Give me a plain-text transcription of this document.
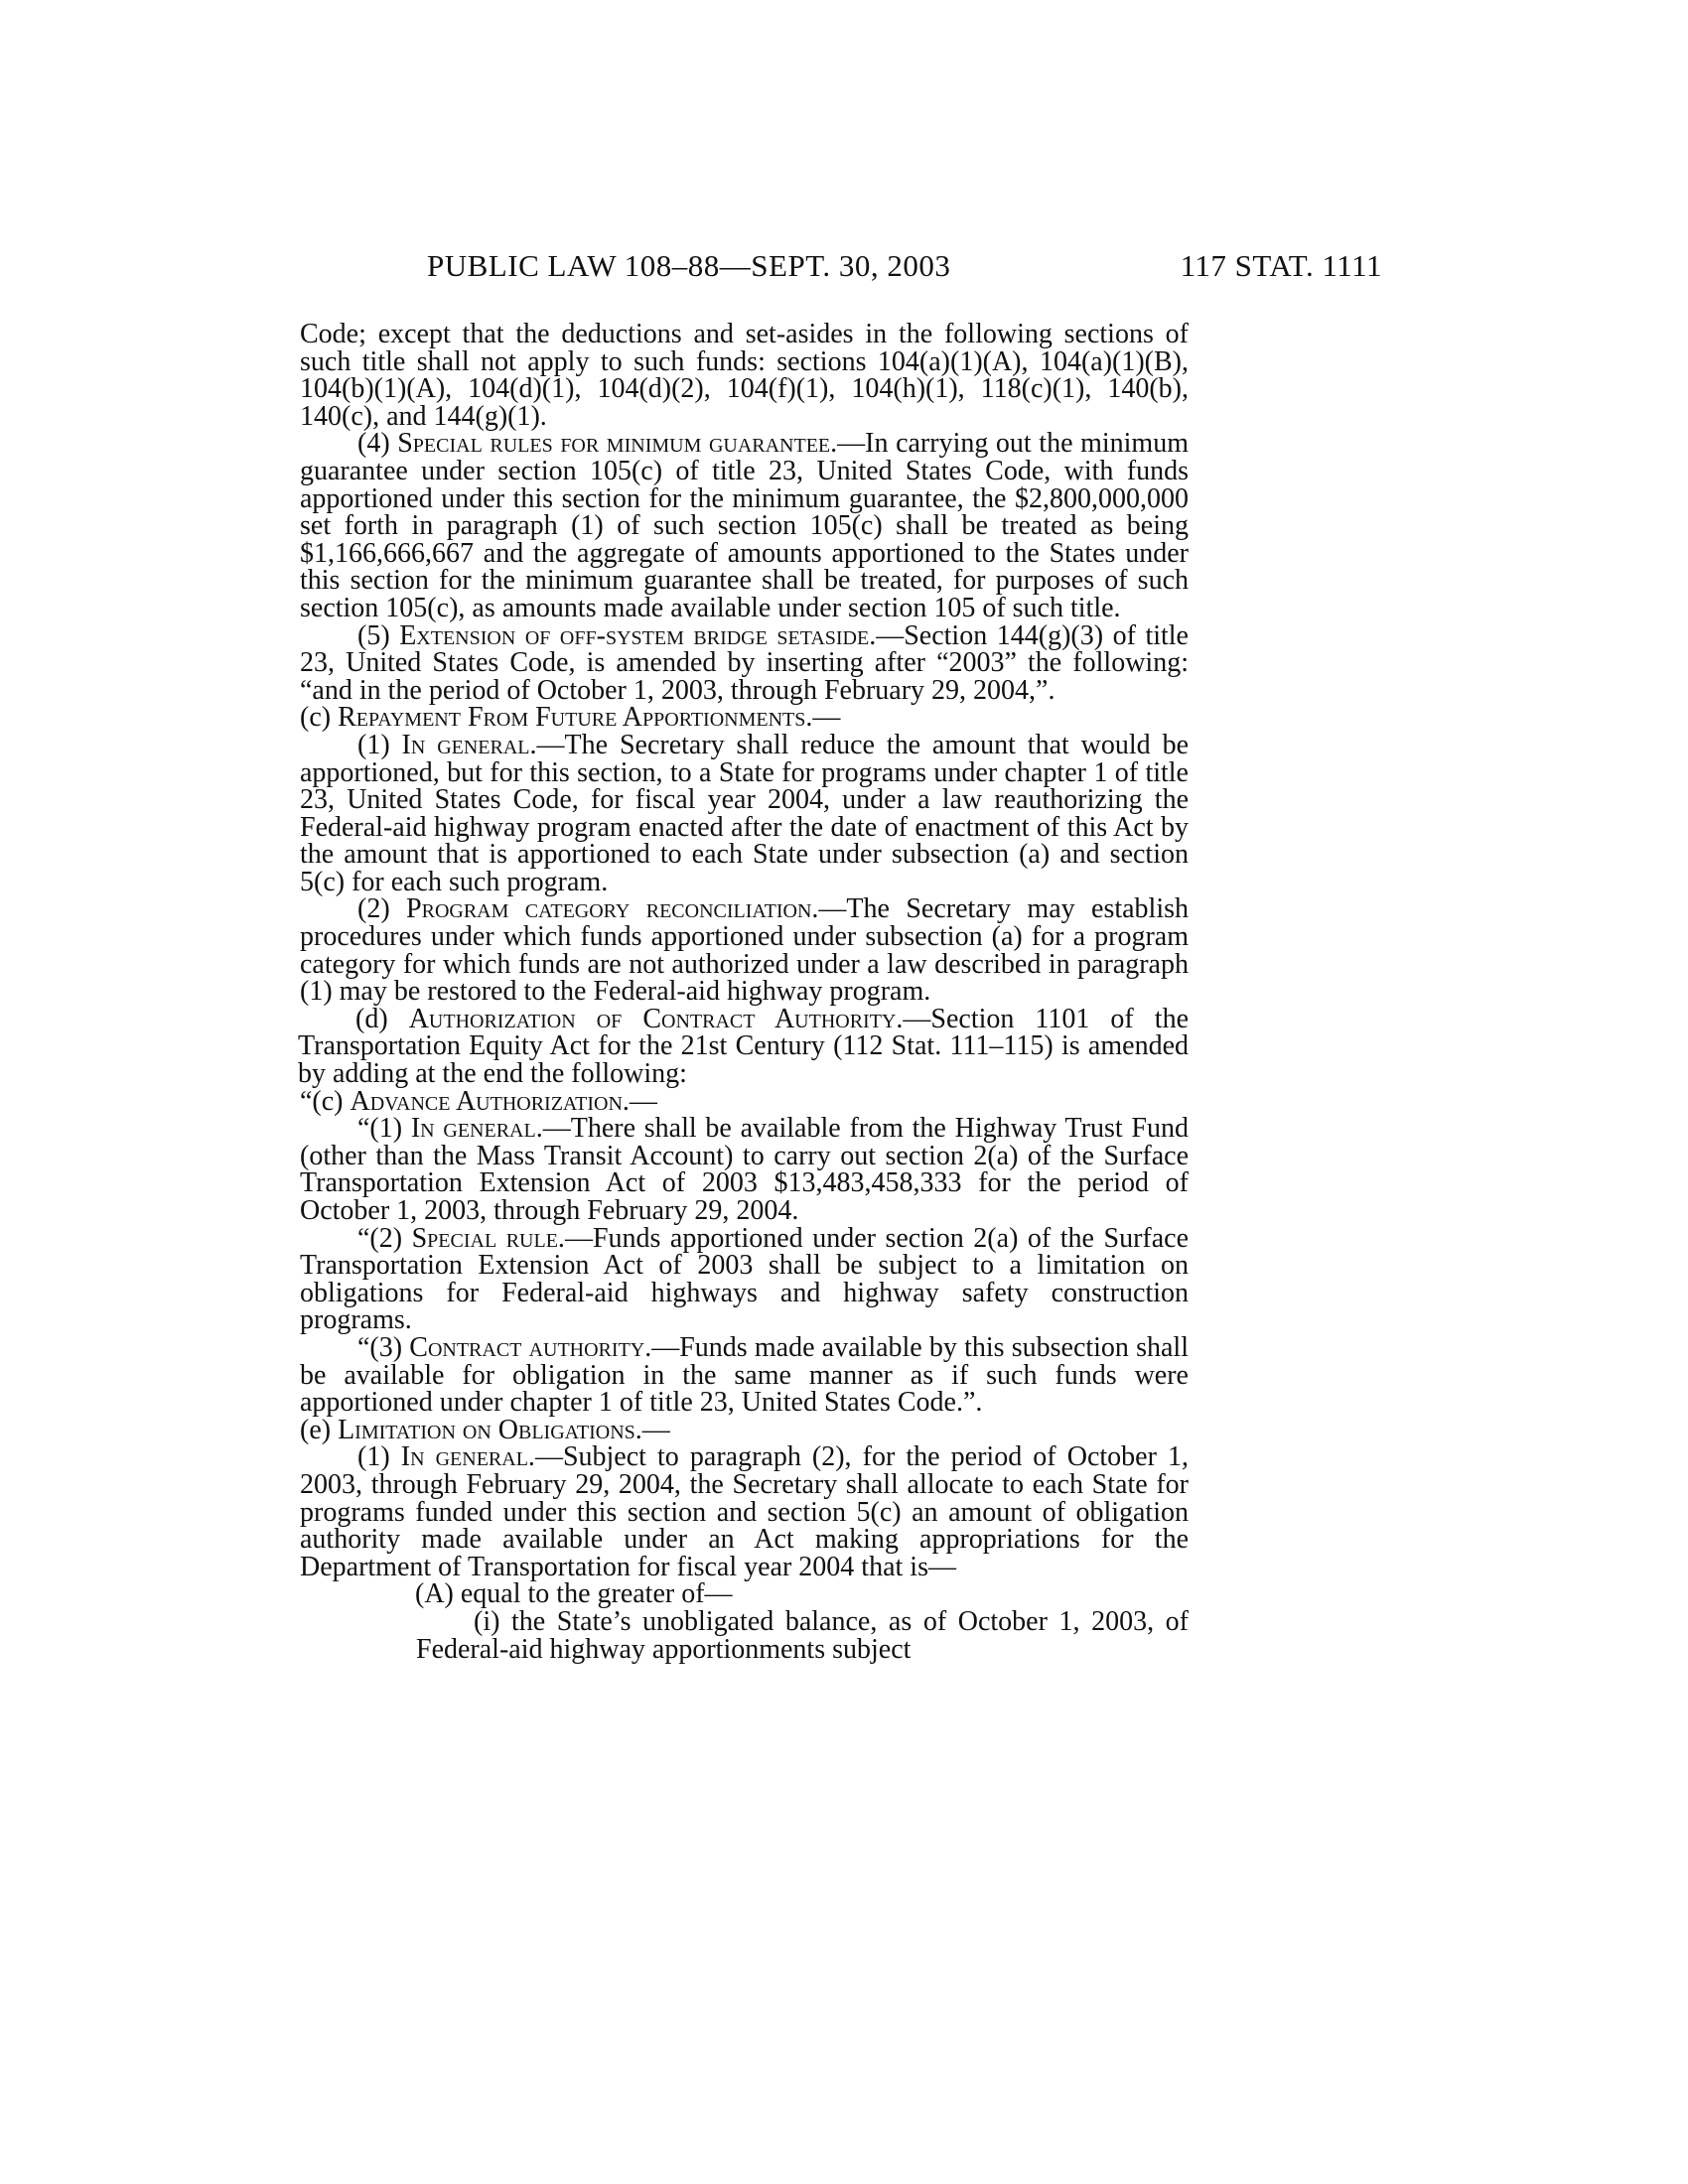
PUBLIC LAW 108–88—SEPT. 30, 2003	117 STAT. 1111

Code; except that the deductions and set-asides in the following sections of such title shall not apply to such funds: sections 104(a)(1)(A), 104(a)(1)(B), 104(b)(1)(A), 104(d)(1), 104(d)(2), 104(f)(1), 104(h)(1), 118(c)(1), 140(b), 140(c), and 144(g)(1).

(4) Special rules for minimum guarantee.—In carrying out the minimum guarantee under section 105(c) of title 23, United States Code, with funds apportioned under this section for the minimum guarantee, the $2,800,000,000 set forth in paragraph (1) of such section 105(c) shall be treated as being $1,166,666,667 and the aggregate of amounts apportioned to the States under this section for the minimum guarantee shall be treated, for purposes of such section 105(c), as amounts made available under section 105 of such title.

(5) Extension of off-system bridge setaside.—Section 144(g)(3) of title 23, United States Code, is amended by inserting after “2003” the following: “and in the period of October 1, 2003, through February 29, 2004,”.

(c) Repayment From Future Apportionments.—

(1) In general.—The Secretary shall reduce the amount that would be apportioned, but for this section, to a State for programs under chapter 1 of title 23, United States Code, for fiscal year 2004, under a law reauthorizing the Federal-aid highway program enacted after the date of enactment of this Act by the amount that is apportioned to each State under subsection (a) and section 5(c) for each such program.

(2) Program category reconciliation.—The Secretary may establish procedures under which funds apportioned under subsection (a) for a program category for which funds are not authorized under a law described in paragraph (1) may be restored to the Federal-aid highway program.

(d) Authorization of Contract Authority.—Section 1101 of the Transportation Equity Act for the 21st Century (112 Stat. 111–115) is amended by adding at the end the following:

“(c) Advance Authorization.—

“(1) In general.—There shall be available from the Highway Trust Fund (other than the Mass Transit Account) to carry out section 2(a) of the Surface Transportation Extension Act of 2003 $13,483,458,333 for the period of October 1, 2003, through February 29, 2004.

“(2) Special rule.—Funds apportioned under section 2(a) of the Surface Transportation Extension Act of 2003 shall be subject to a limitation on obligations for Federal-aid highways and highway safety construction programs.

“(3) Contract authority.—Funds made available by this subsection shall be available for obligation in the same manner as if such funds were apportioned under chapter 1 of title 23, United States Code.”.

(e) Limitation on Obligations.—

(1) In general.—Subject to paragraph (2), for the period of October 1, 2003, through February 29, 2004, the Secretary shall allocate to each State for programs funded under this section and section 5(c) an amount of obligation authority made available under an Act making appropriations for the Department of Transportation for fiscal year 2004 that is—

(A) equal to the greater of—

(i) the State’s unobligated balance, as of October 1, 2003, of Federal-aid highway apportionments subject
